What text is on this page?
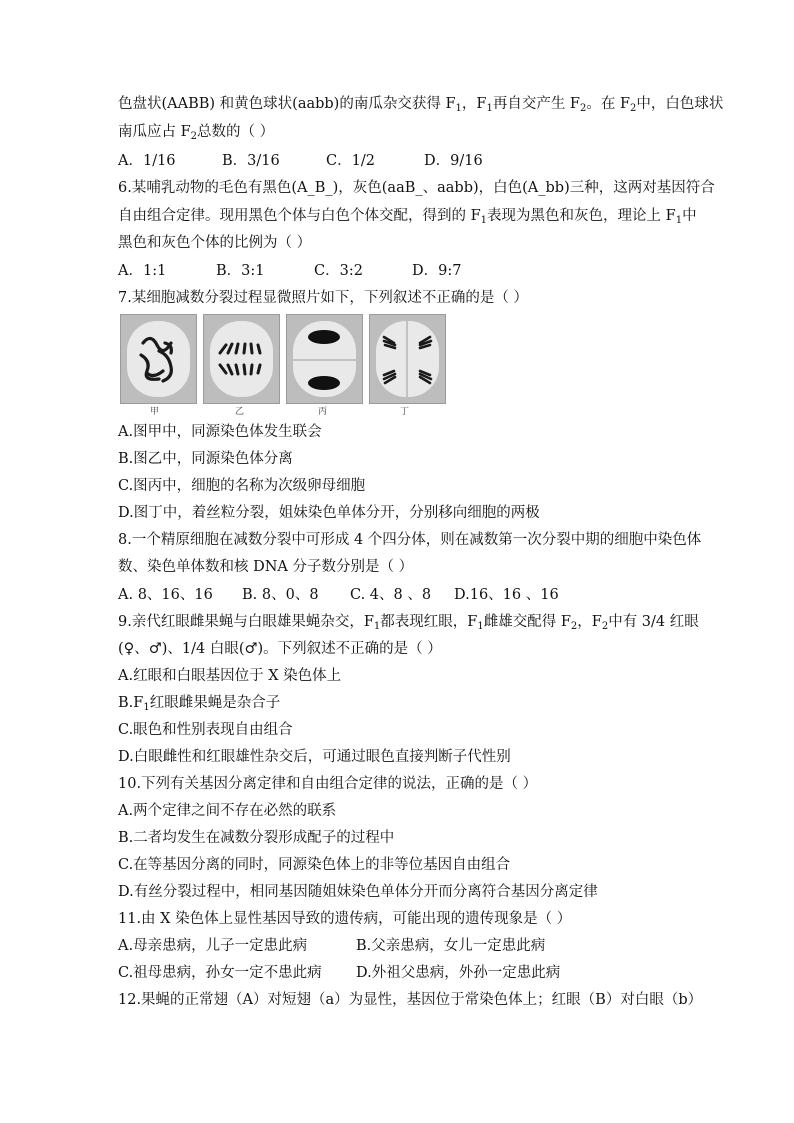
色盘状(AABB) 和黄色球状(aabb)的南瓜杂交获得 $F_1$，$F_1$再自交产生 $F_2$。在 $F_2$中，白色球状
南瓜应占 $F_2$总数的（ ）
A．1/16	B．3/16	C．1/2	D．9/16
6.某哺乳动物的毛色有黑色(A_B_)，灰色(aaB_、aabb)，白色(A_bb)三种，这两对基因符合
自由组合定律。现用黑色个体与白色个体交配，得到的 $F_1$表现为黑色和灰色，理论上 $F_1$中
黑色和灰色个体的比例为（ ）
A．1:1	B．3:1	C．3:2	D．9:7
7.某细胞减数分裂过程显微照片如下，下列叙述不正确的是（ ）
甲	乙	丙	丁
A.图甲中，同源染色体发生联会
B.图乙中，同源染色体分离
C.图丙中，细胞的名称为次级卵母细胞
D.图丁中，着丝粒分裂，姐妹染色单体分开，分别移向细胞的两极
8.一个精原细胞在减数分裂中可形成 4 个四分体，则在减数第一次分裂中期的细胞中染色体
数、染色单体数和核 DNA 分子数分别是（ ）
A. 8、16、16 B. 8、0、8 C. 4、8 、8 D.16、16 、16
9.亲代红眼雌果蝇与白眼雄果蝇杂交，$F_1$都表现红眼，$F_1$雌雄交配得 $F_2$，$F_2$中有 3/4 红眼
(♀、♂)、1/4 白眼(♂)。下列叙述不正确的是（ ）
A.红眼和白眼基因位于 X 染色体上
$B.F_1$红眼雌果蝇是杂合子
C.眼色和性别表现自由组合
D.白眼雌性和红眼雄性杂交后，可通过眼色直接判断子代性别
10.下列有关基因分离定律和自由组合定律的说法，正确的是（ ）
A.两个定律之间不存在必然的联系
B.二者均发生在减数分裂形成配子的过程中
C.在等基因分离的同时，同源染色体上的非等位基因自由组合
D.有丝分裂过程中，相同基因随姐妹染色单体分开而分离符合基因分离定律
11.由 X 染色体上显性基因导致的遗传病，可能出现的遗传现象是（ ）
A.母亲患病，儿子一定患此病	B.父亲患病，女儿一定患此病
C.祖母患病，孙女一定不患此病 D.外祖父患病，外孙一定患此病
12.果蝇的正常翅（A）对短翅（a）为显性，基因位于常染色体上；红眼（B）对白眼（b）
